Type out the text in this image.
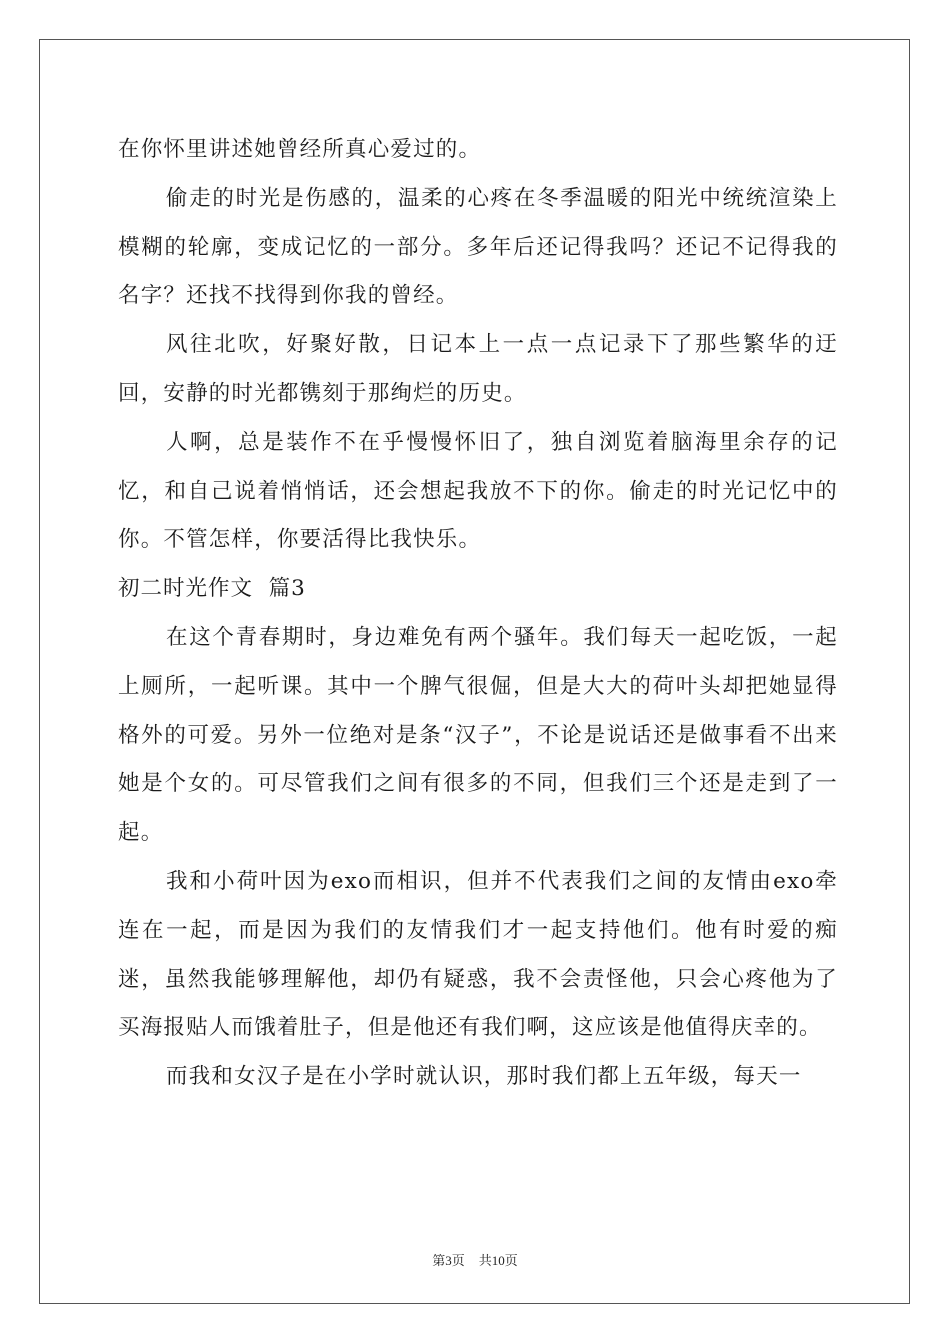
在你怀里讲述她曾经所真心爱过的。

偷走的时光是伤感的，温柔的心疼在冬季温暖的阳光中统统渲染上模糊的轮廓，变成记忆的一部分。多年后还记得我吗？还记不记得我的名字？还找不找得到你我的曾经。

风往北吹，好聚好散，日记本上一点一点记录下了那些繁华的迂回，安静的时光都镌刻于那绚烂的历史。

人啊，总是装作不在乎慢慢怀旧了，独自浏览着脑海里余存的记忆，和自己说着悄悄话，还会想起我放不下的你。偷走的时光记忆中的你。不管怎样，你要活得比我快乐。

初二时光作文  篇3

在这个青春期时，身边难免有两个骚年。我们每天一起吃饭，一起上厕所，一起听课。其中一个脾气很倔，但是大大的荷叶头却把她显得格外的可爱。另外一位绝对是条“汉子”，不论是说话还是做事看不出来她是个女的。可尽管我们之间有很多的不同，但我们三个还是走到了一起。

我和小荷叶因为exo而相识，但并不代表我们之间的友情由exo牵连在一起，而是因为我们的友情我们才一起支持他们。他有时爱的痴迷，虽然我能够理解他，却仍有疑惑，我不会责怪他，只会心疼他为了买海报贴人而饿着肚子，但是他还有我们啊，这应该是他值得庆幸的。

而我和女汉子是在小学时就认识，那时我们都上五年级，每天一

第3页 共10页
